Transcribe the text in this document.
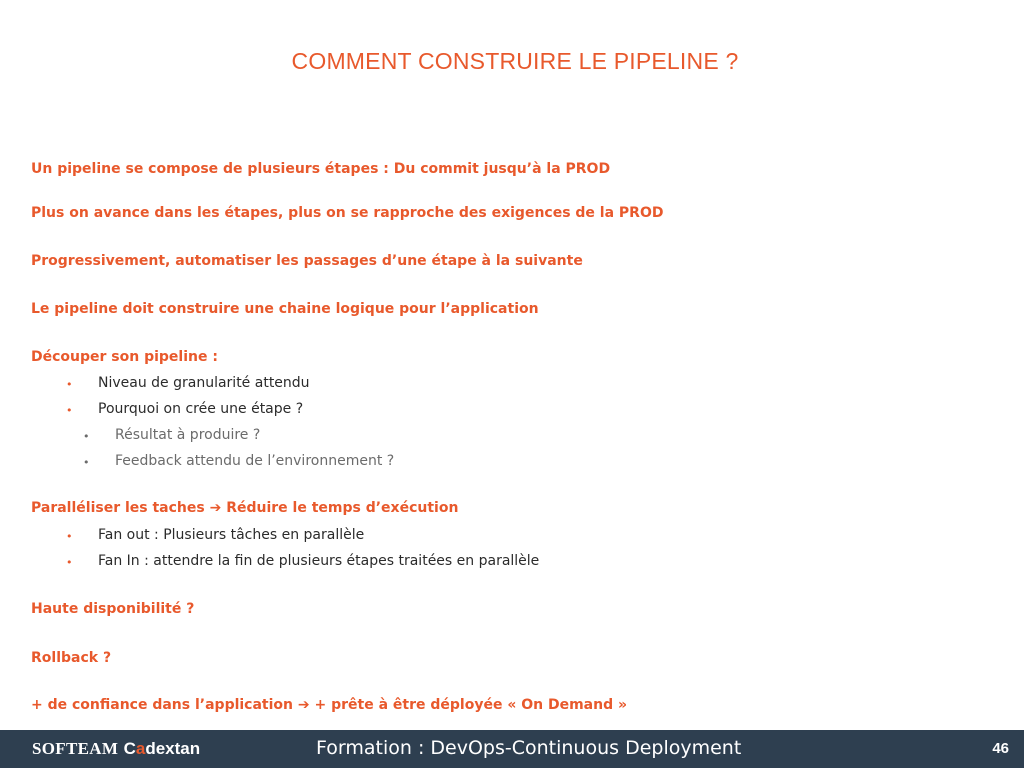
COMMENT CONSTRUIRE LE PIPELINE ?
Un pipeline se compose de plusieurs étapes : Du commit jusqu’à la PROD
Plus on avance dans les étapes, plus on se rapproche des exigences de la PROD
Progressivement, automatiser les passages d’une étape à la suivante
Le pipeline doit construire une chaine logique pour l’application
Découper son pipeline :
• Niveau de granularité attendu
• Pourquoi on crée une étape ?
• Résultat à produire ?
• Feedback attendu de l’environnement ?
Paralléliser les taches ➔ Réduire le temps d’exécution
• Fan out : Plusieurs tâches en parallèle
• Fan In : attendre la fin de plusieurs étapes traitées en parallèle
Haute disponibilité ?
Rollback ?
+ de confiance dans l’application ➔ + prête à être déployée « On Demand »
SOFTEAM Cadextan	Formation : DevOps-Continuous Deployment	46
